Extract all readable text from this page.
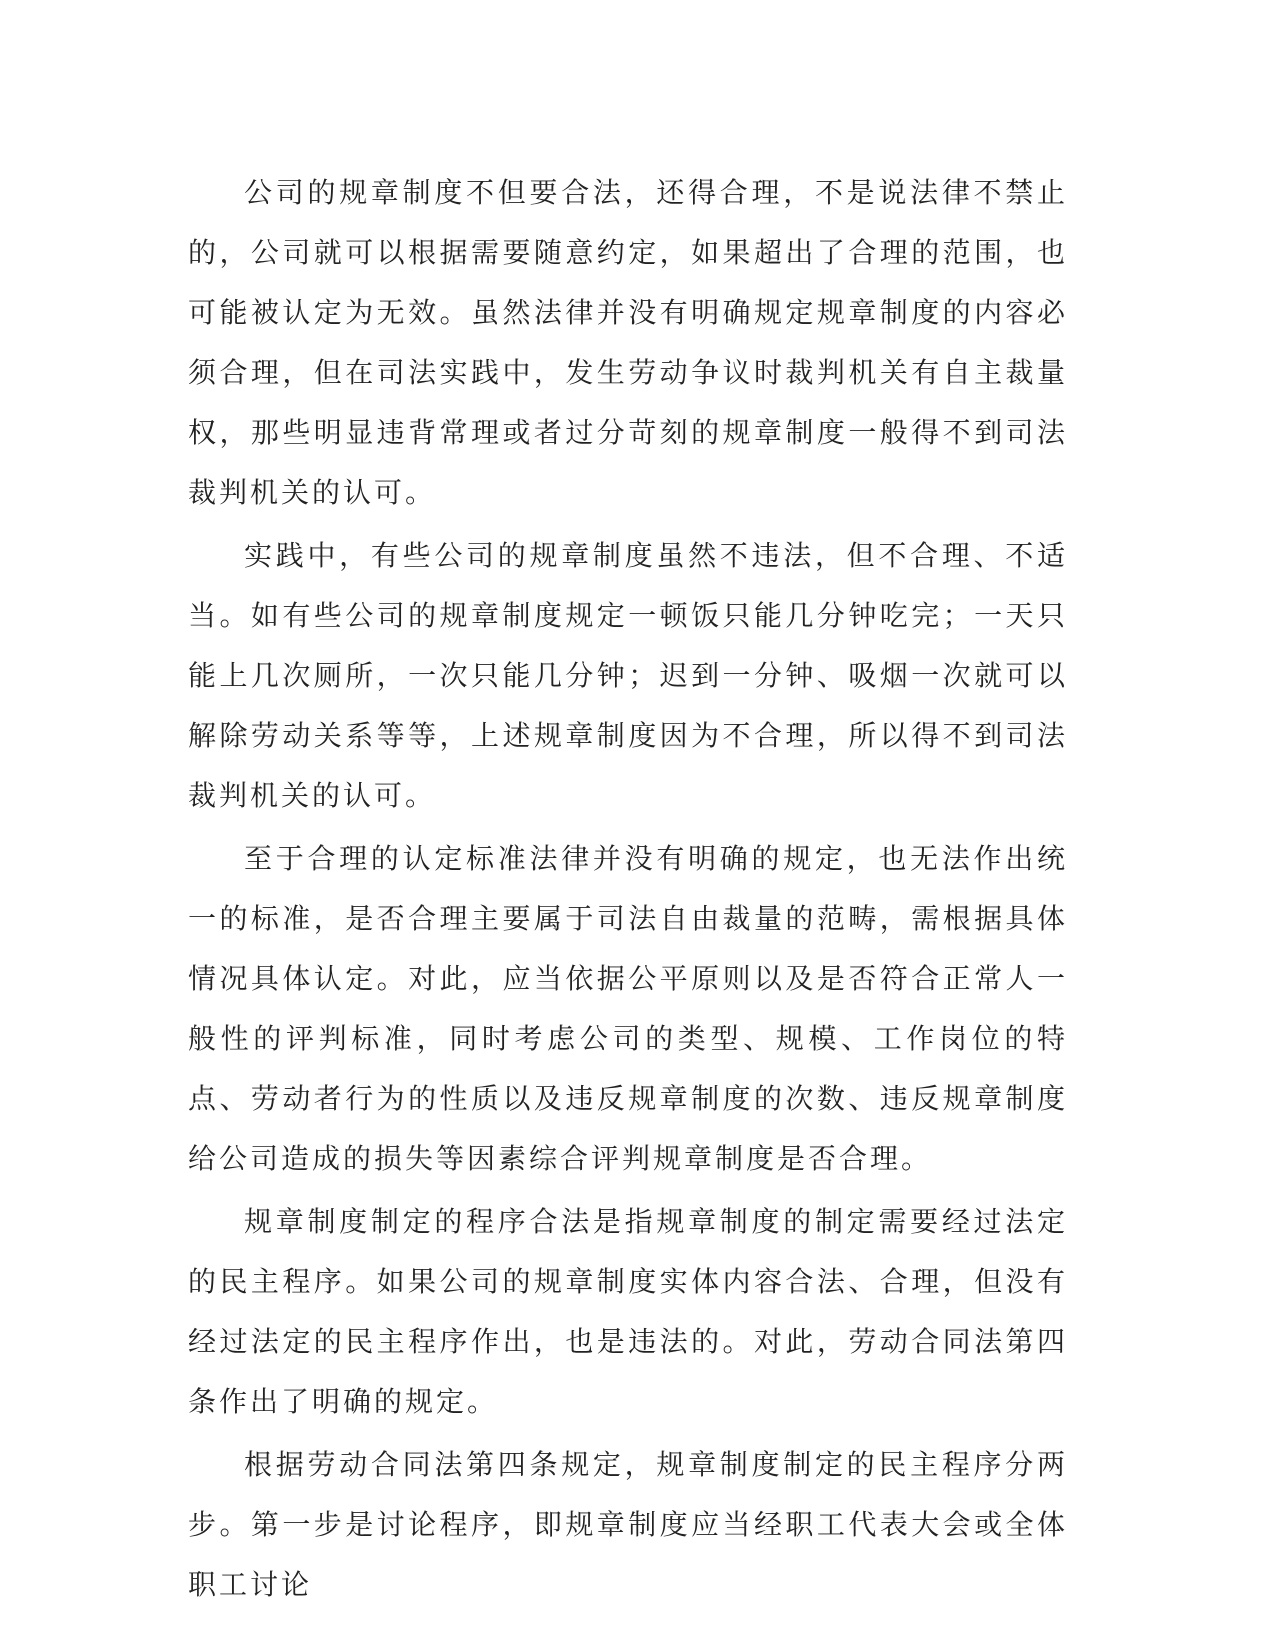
公司的规章制度不但要合法，还得合理，不是说法律不禁止的，公司就可以根据需要随意约定，如果超出了合理的范围，也可能被认定为无效。虽然法律并没有明确规定规章制度的内容必须合理，但在司法实践中，发生劳动争议时裁判机关有自主裁量权，那些明显违背常理或者过分苛刻的规章制度一般得不到司法裁判机关的认可。

实践中，有些公司的规章制度虽然不违法，但不合理、不适当。如有些公司的规章制度规定一顿饭只能几分钟吃完；一天只能上几次厕所，一次只能几分钟；迟到一分钟、吸烟一次就可以解除劳动关系等等，上述规章制度因为不合理，所以得不到司法裁判机关的认可。

至于合理的认定标准法律并没有明确的规定，也无法作出统一的标准，是否合理主要属于司法自由裁量的范畴，需根据具体情况具体认定。对此，应当依据公平原则以及是否符合正常人一般性的评判标准，同时考虑公司的类型、规模、工作岗位的特点、劳动者行为的性质以及违反规章制度的次数、违反规章制度给公司造成的损失等因素综合评判规章制度是否合理。

规章制度制定的程序合法是指规章制度的制定需要经过法定的民主程序。如果公司的规章制度实体内容合法、合理，但没有经过法定的民主程序作出，也是违法的。对此，劳动合同法第四条作出了明确的规定。

根据劳动合同法第四条规定，规章制度制定的民主程序分两步。第一步是讨论程序，即规章制度应当经职工代表大会或全体职工讨论
